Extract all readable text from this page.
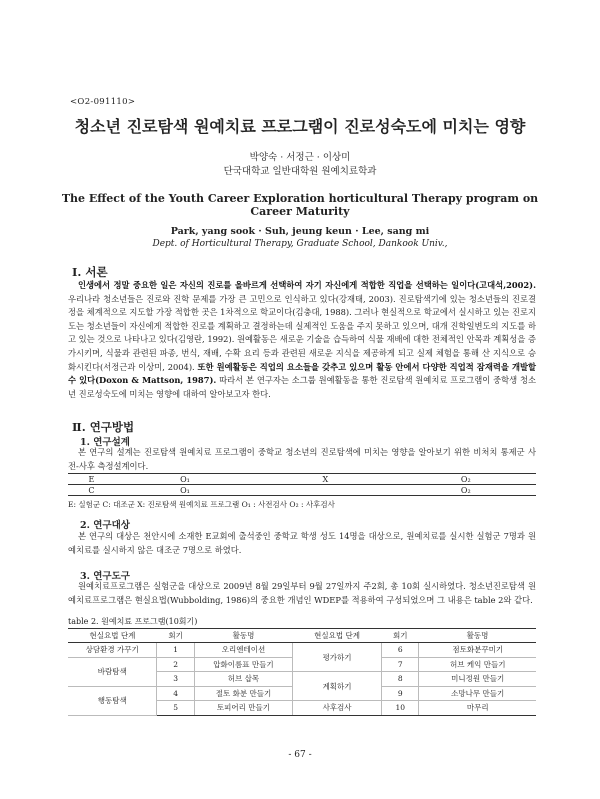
<O2-091110>
청소년 진로탐색 원예치료 프로그램이 진로성숙도에 미치는 영향
박양숙 · 서정근 · 이상미
단국대학교 일반대학원 원예치료학과
The Effect of the Youth Career Exploration horticultural Therapy program on
Career Maturity
Park, yang sook · Suh, jeung keun · Lee, sang mi
Dept. of Horticultural Therapy, Graduate School, Dankook Univ.,
Ⅰ. 서론

인생에서 정말 중요한 일은 자신의 진로를 올바르게 선택하여 자기 자신에게 적합한 직업을 선택하는 일이다(고대석,2002). 우리나라 청소년들은 진로와 진학 문제를 가장 큰 고민으로 인식하고 있다(강재태, 2003). 진로탐색기에 있는 청소년들의 진로결정을 체계적으로 지도할 가장 적합한 곳은 1차적으로 학교이다(김충대, 1988). 그러나 현실적으로 학교에서 실시하고 있는 진로지도는 청소년들이 자신에게 적합한 진로를 계획하고 결정하는데 실제적인 도움을 주지 못하고 있으며, 대개 진학일변도의 지도를 하고 있는 것으로 나타나고 있다(김영란, 1992). 원예활동은 새로운 기술을 습득하여 식물 재배에 대한 전체적인 안목과 계획성을 증가시키며, 식물과 관련된 파종, 번식, 재배, 수확 요리 등과 관련된 새로운 지식을 제공하게 되고 실제 체험을 통해 산 지식으로 승화시킨다(서정근과 이상미, 2004). 또한 원예활동은 직업의 요소들을 갖추고 있으며 활동 안에서 다양한 직업적 잠재력을 개발할 수 있다(Doxon & Mattson, 1987). 따라서 본 연구자는 소그룹 원예활동을 통한 진로탐색 원예치료 프로그램이 중학생 청소년 진로성숙도에 미치는 영향에 대하여 알아보고자 한다.

Ⅱ. 연구방법
1. 연구설계

본 연구의 설계는 진로탐색 원예치료 프로그램이 중학교 청소년의 진로탐색에 미치는 영향을 알아보기 위한 비처치 통제군 사전-사후 측정설계이다.

E	O₁	X	O₂
C	O₁		O₂
E: 실험군 C: 대조군 X: 진로탐색 원예치료 프로그램 O₁ : 사전검사 O₂ : 사후검사
2. 연구대상

본 연구의 대상은 천안시에 소재한 E교회에 출석중인 중학교 학생 성도 14명을 대상으로, 원예치료를 실시한 실험군 7명과 원예치료를 실시하지 않은 대조군 7명으로 하였다.

3. 연구도구

원예치료프로그램은 실험군을 대상으로 2009년 8월 29일부터 9월 27일까지 주2회, 총 10회 실시하였다. 청소년진로탐색 원예치료프로그램은 현실요법(Wubbolding, 1986)의 중요한 개념인 WDEP를 적용하여 구성되었으며 그 내용은 table 2와 같다.

table 2. 원예치료 프로그램(10회기)
현실요법 단계	회기	활동명	현실요법 단계	회기	활동명
상담환경 가꾸기	1	오리엔테이션	평가하기	6	점토화분꾸미기
바람탐색	2	압화이름표 만들기		7	허브 케익 만들기
	3	허브 삽목	계획하기	8	미니정원 만들기
행동탐색	4	절토 화분 만들기		9	소망나무 만들기
	5	토피어리 만들기	사후검사	10	마무리
- 67 -
